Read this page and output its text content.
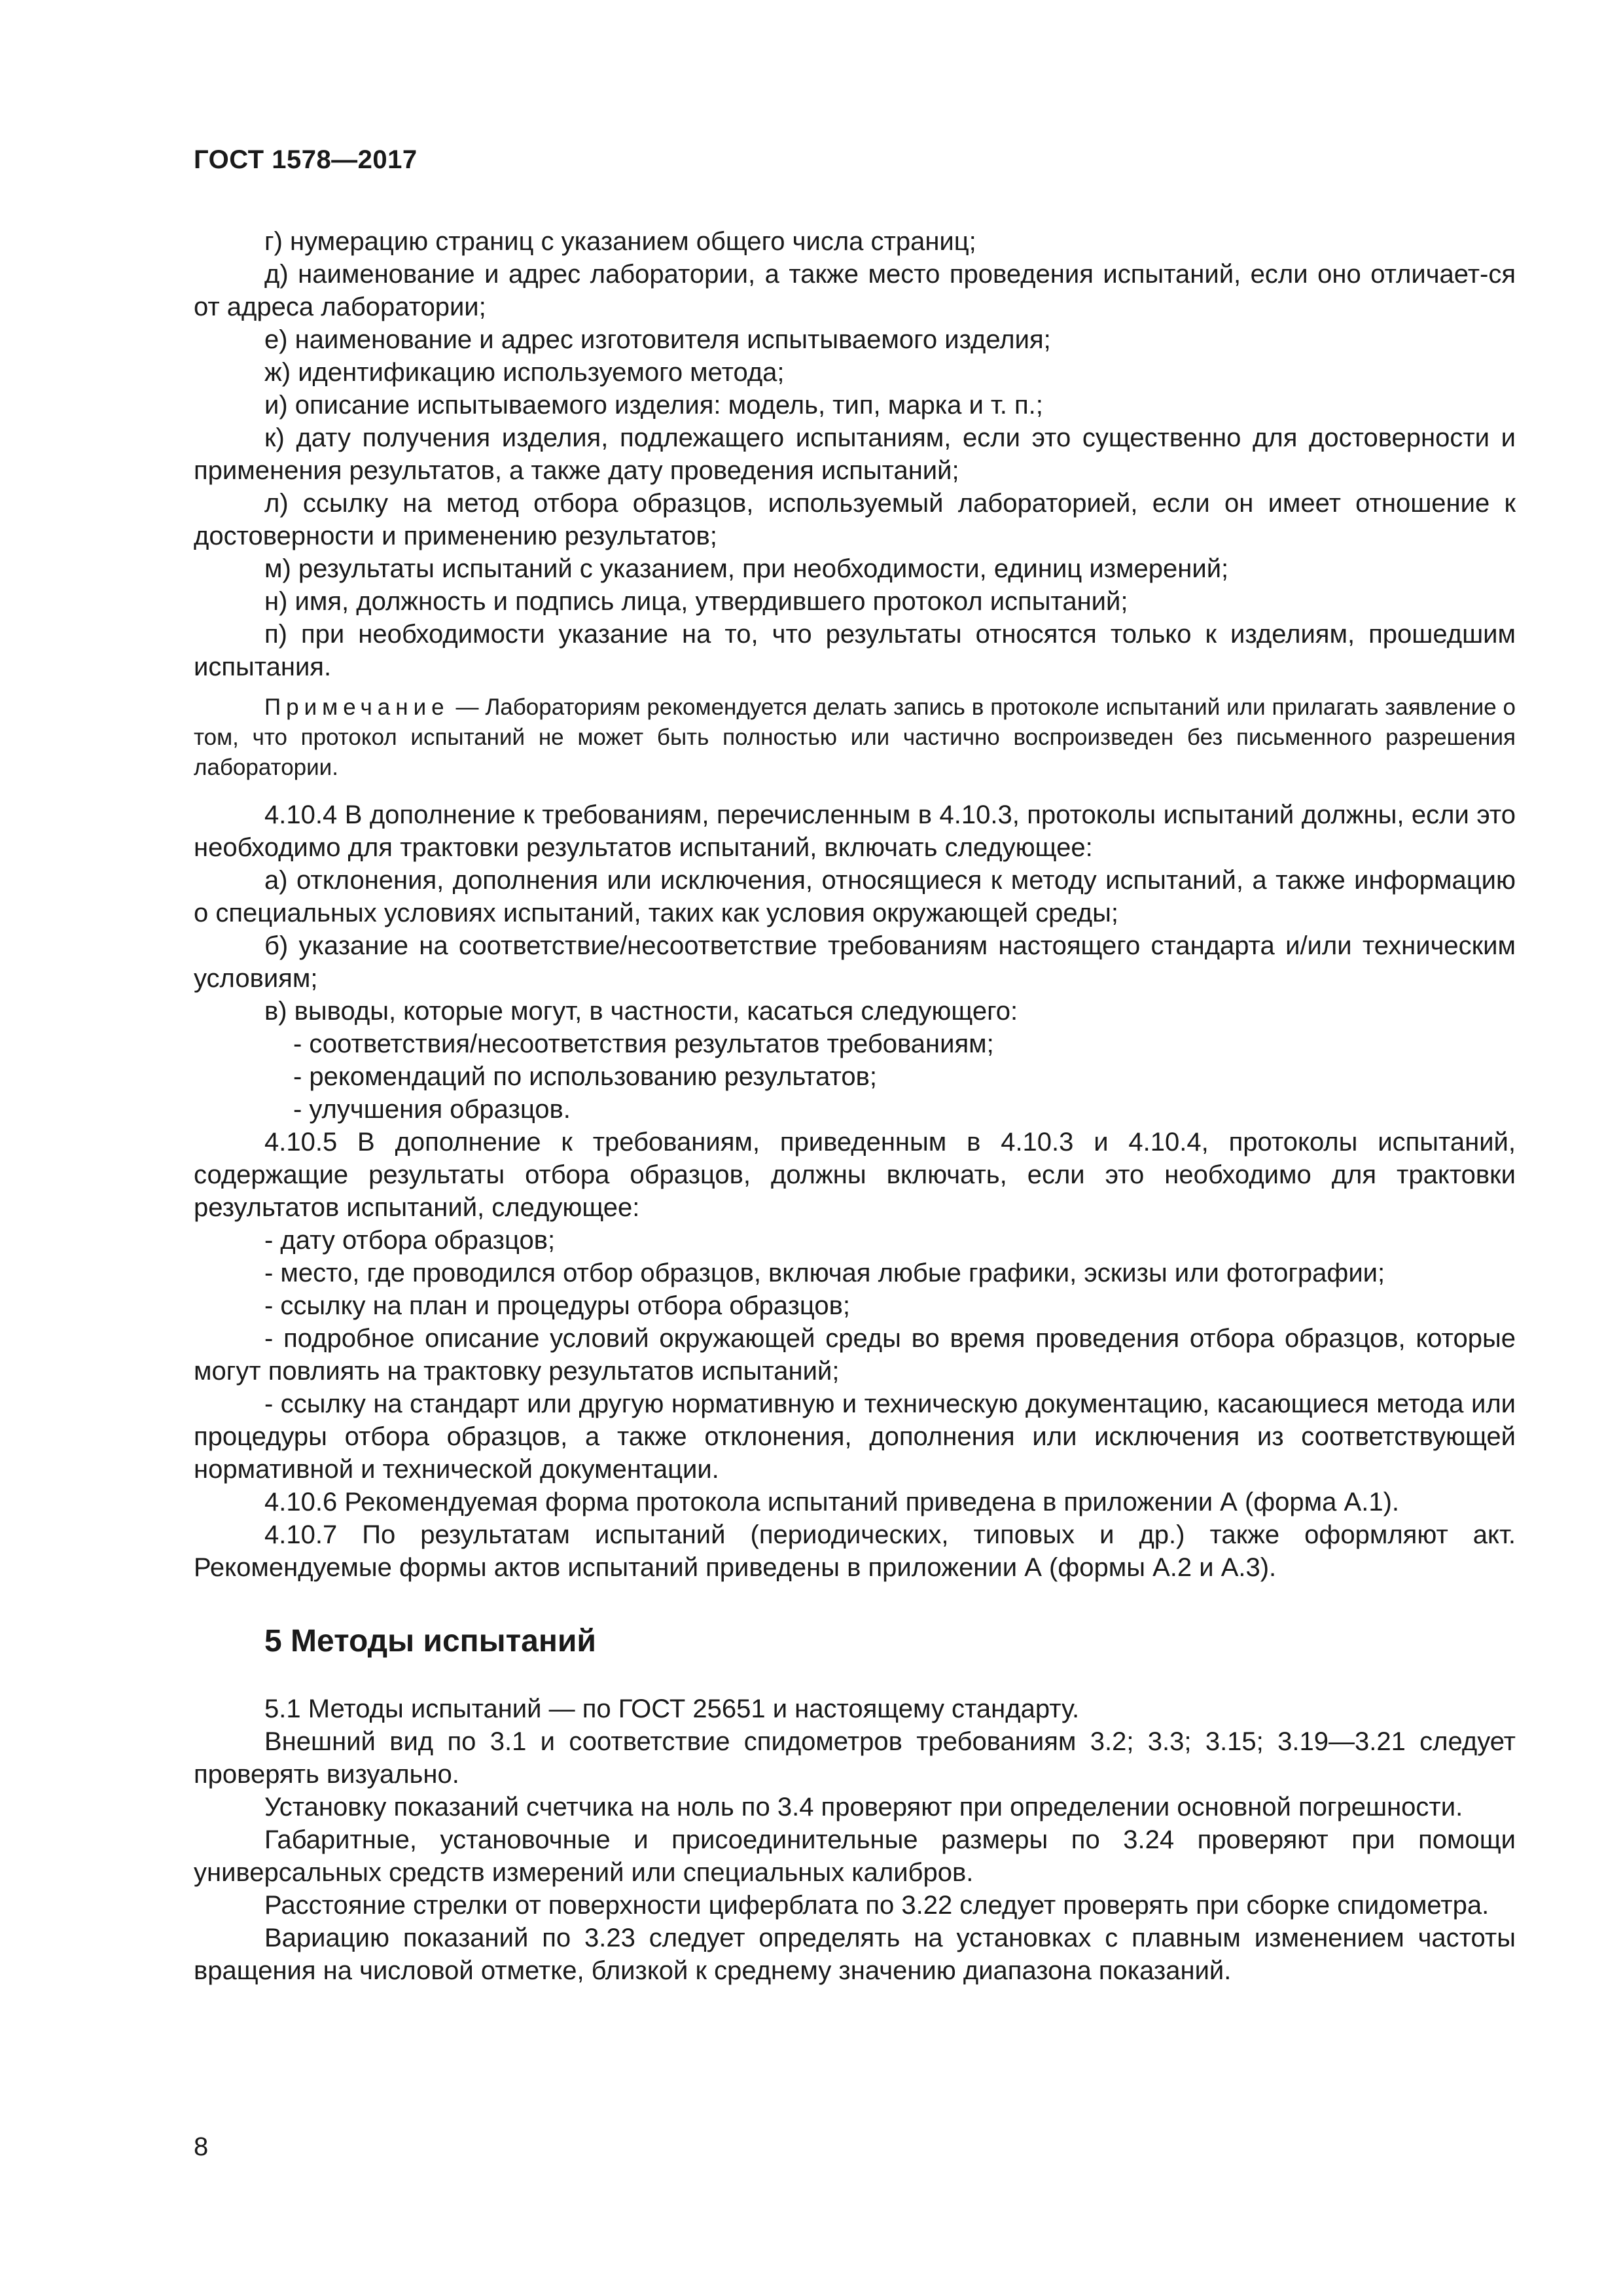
ГОСТ 1578—2017

г) нумерацию страниц с указанием общего числа страниц;

д) наименование и адрес лаборатории, а также место проведения испытаний, если оно отличает-ся от адреса лаборатории;

е) наименование и адрес изготовителя испытываемого изделия;

ж) идентификацию используемого метода;

и) описание испытываемого изделия: модель, тип, марка и т. п.;

к) дату получения изделия, подлежащего испытаниям, если это существенно для достоверности и применения результатов, а также дату проведения испытаний;

л) ссылку на метод отбора образцов, используемый лабораторией, если он имеет отношение к достоверности и применению результатов;

м) результаты испытаний с указанием, при необходимости, единиц измерений;

н) имя, должность и подпись лица, утвердившего протокол испытаний;

п) при необходимости указание на то, что результаты относятся только к изделиям, прошедшим испытания.

Примечание — Лабораториям рекомендуется делать запись в протоколе испытаний или прилагать заявление о том, что протокол испытаний не может быть полностью или частично воспроизведен без письменного разрешения лаборатории.

4.10.4 В дополнение к требованиям, перечисленным в 4.10.3, протоколы испытаний должны, если это необходимо для трактовки результатов испытаний, включать следующее:

а) отклонения, дополнения или исключения, относящиеся к методу испытаний, а также информацию о специальных условиях испытаний, таких как условия окружающей среды;

б) указание на соответствие/несоответствие требованиям настоящего стандарта и/или техническим условиям;

в) выводы, которые могут, в частности, касаться следующего:

- соответствия/несоответствия результатов требованиям;

- рекомендаций по использованию результатов;

- улучшения образцов.

4.10.5 В дополнение к требованиям, приведенным в 4.10.3 и 4.10.4, протоколы испытаний, содержащие результаты отбора образцов, должны включать, если это необходимо для трактовки результатов испытаний, следующее:

- дату отбора образцов;

- место, где проводился отбор образцов, включая любые графики, эскизы или фотографии;

- ссылку на план и процедуры отбора образцов;

- подробное описание условий окружающей среды во время проведения отбора образцов, которые могут повлиять на трактовку результатов испытаний;

- ссылку на стандарт или другую нормативную и техническую документацию, касающиеся метода или процедуры отбора образцов, а также отклонения, дополнения или исключения из соответствующей нормативной и технической документации.

4.10.6 Рекомендуемая форма протокола испытаний приведена в приложении А (форма А.1).

4.10.7 По результатам испытаний (периодических, типовых и др.) также оформляют акт. Рекомендуемые формы актов испытаний приведены в приложении А (формы А.2 и А.3).

5 Методы испытаний

5.1 Методы испытаний — по ГОСТ 25651 и настоящему стандарту.

Внешний вид по 3.1 и соответствие спидометров требованиям 3.2; 3.3; 3.15; 3.19—3.21 следует проверять визуально.

Установку показаний счетчика на ноль по 3.4 проверяют при определении основной погрешности.

Габаритные, установочные и присоединительные размеры по 3.24 проверяют при помощи универсальных средств измерений или специальных калибров.

Расстояние стрелки от поверхности циферблата по 3.22 следует проверять при сборке спидометра.

Вариацию показаний по 3.23 следует определять на установках с плавным изменением частоты вращения на числовой отметке, близкой к среднему значению диапазона показаний.

8
